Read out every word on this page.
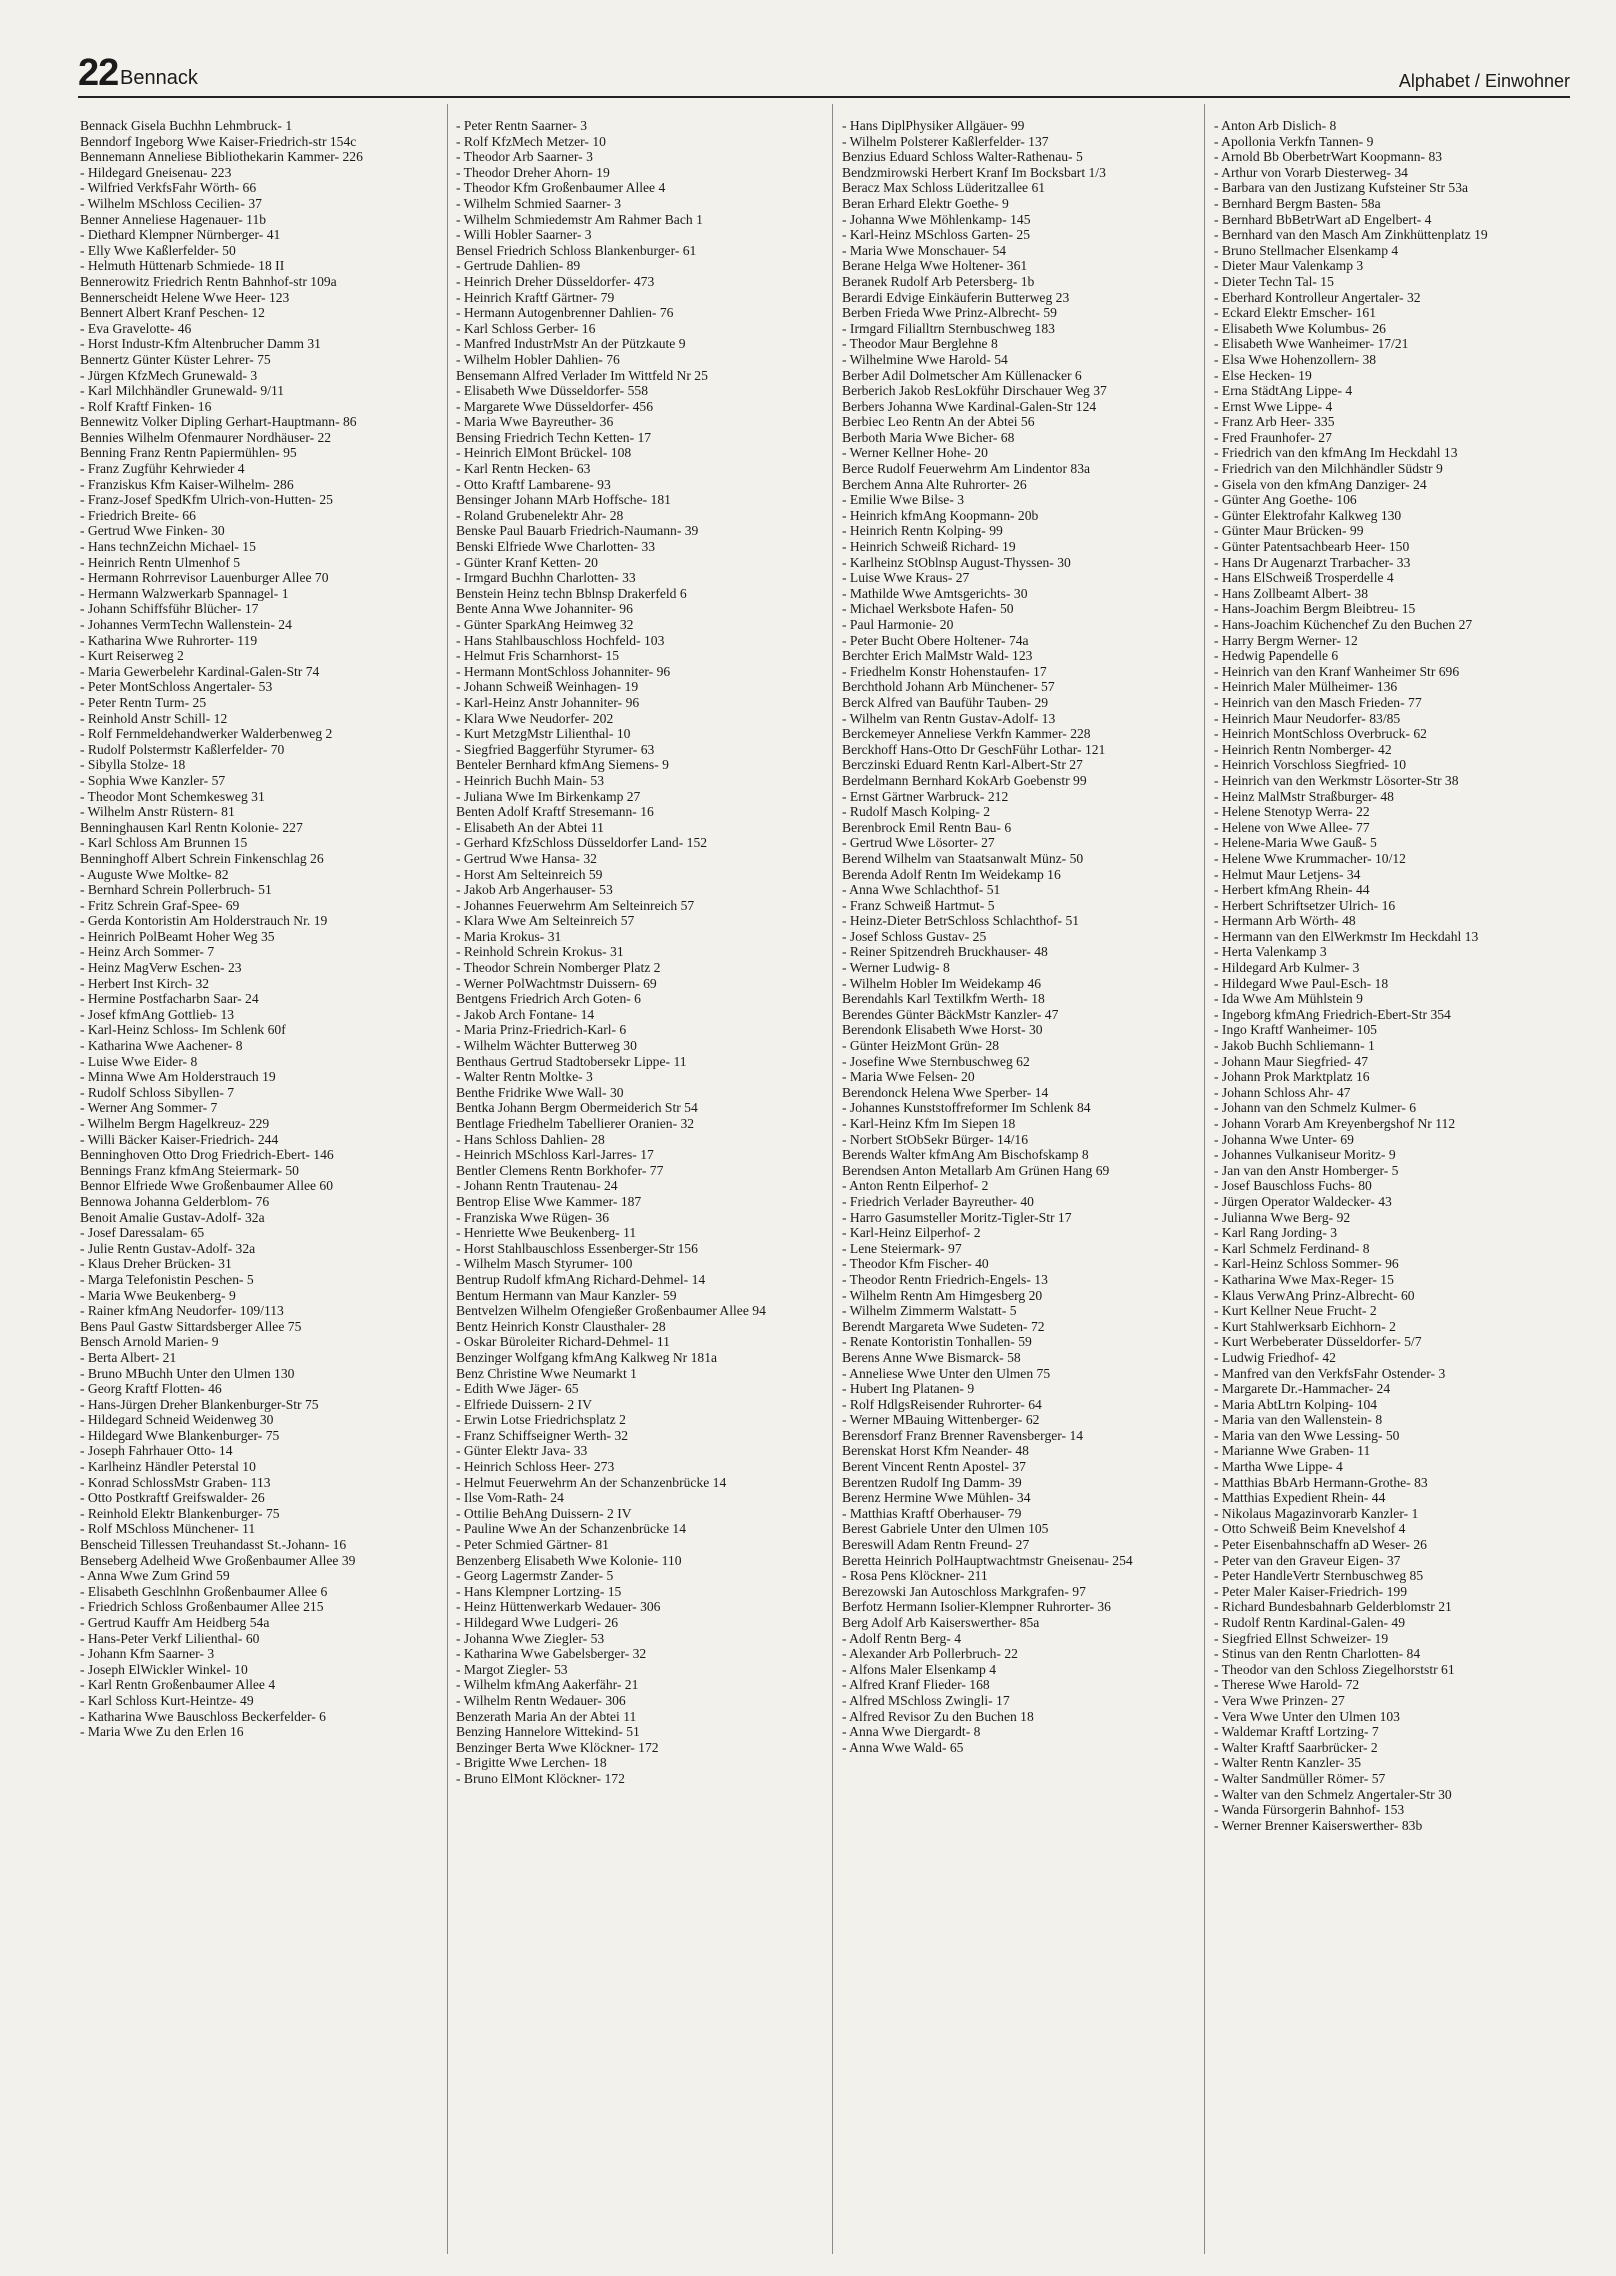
22 Bennack	Alphabet / Einwohner
Bennack Gisela Buchhn Lehmbruck- 1
Benndorf Ingeborg Wwe Kaiser-Friedrich-str 154c
Bennemann Anneliese Bibliothekarin Kammer- 226
- Hildegard Gneisenau- 223
- Wilfried VerkfsFahr Wörth- 66
- Wilhelm MSchloss Cecilien- 37
Benner Anneliese Hagenauer- 11b
- Diethard Klempner Nürnberger- 41
- Elly Wwe Kaßlerfelder- 50
- Helmuth Hüttenarb Schmiede- 18 II
Bennerowitz Friedrich Rentn Bahnhof-str 109a
Bennerscheidt Helene Wwe Heer- 123
Bennert Albert Kranf Peschen- 12
- Eva Gravelotte- 46
- Horst Industr-Kfm Altenbrucher Damm 31
Bennertz Günter Küster Lehrer- 75
- Jürgen KfzMech Grunewald- 3
- Karl Milchhändler Grunewald- 9/11
- Rolf Kraftf Finken- 16
Bennewitz Volker Dipling Gerhart-Hauptmann- 86
Bennies Wilhelm Ofenmaurer Nordhäuser- 22
Benning Franz Rentn Papiermühlen- 95
- Franz Zugführ Kehrwieder 4
- Franziskus Kfm Kaiser-Wilhelm- 286
- Franz-Josef SpedKfm Ulrich-von-Hutten- 25
- Friedrich Breite- 66
- Gertrud Wwe Finken- 30
- Hans technZeichn Michael- 15
- Heinrich Rentn Ulmenhof 5
- Hermann Rohrrevisor Lauenburger Allee 70
- Hermann Walzwerkarb Spannagel- 1
- Johann Schiffsführ Blücher- 17
- Johannes VermTechn Wallenstein- 24
- Katharina Wwe Ruhrorter- 119
- Kurt Reiserweg 2
- Maria Gewerbelehr Kardinal-Galen-Str 74
- Peter MontSchloss Angertaler- 53
- Peter Rentn Turm- 25
- Reinhold Anstr Schill- 12
- Rolf Fernmeldehandwerker Walderbenweg 2
- Rudolf Polstermstr Kaßlerfelder- 70
- Sibylla Stolze- 18
- Sophia Wwe Kanzler- 57
- Theodor Mont Schemkesweg 31
- Wilhelm Anstr Rüstern- 81
Benninghausen Karl Rentn Kolonie- 227
- Karl Schloss Am Brunnen 15
Benninghoff Albert Schrein Finkenschlag 26
- Auguste Wwe Moltke- 82
- Bernhard Schrein Pollerbruch- 51
- Fritz Schrein Graf-Spee- 69
- Gerda Kontoristin Am Holderstrauch Nr. 19
- Heinrich PolBeamt Hoher Weg 35
- Heinz Arch Sommer- 7
- Heinz MagVerw Eschen- 23
- Herbert Inst Kirch- 32
- Hermine Postfacharbn Saar- 24
- Josef kfmAng Gottlieb- 13
- Karl-Heinz Schloss- Im Schlenk 60f
- Katharina Wwe Aachener- 8
- Luise Wwe Eider- 8
- Minna Wwe Am Holderstrauch 19
- Rudolf Schloss Sibyllen- 7
- Werner Ang Sommer- 7
- Wilhelm Bergm Hagelkreuz- 229
- Willi Bäcker Kaiser-Friedrich- 244
Benninghoven Otto Drog Friedrich-Ebert- 146
Bennings Franz kfmAng Steiermark- 50
Bennor Elfriede Wwe Großenbaumer Allee 60
Bennowa Johanna Gelderblom- 76
Benoit Amalie Gustav-Adolf- 32a
- Josef Daressalam- 65
- Julie Rentn Gustav-Adolf- 32a
- Klaus Dreher Brücken- 31
- Marga Telefonistin Peschen- 5
- Maria Wwe Beukenberg- 9
- Rainer kfmAng Neudorfer- 109/113
Bens Paul Gastw Sittardsberger Allee 75
Bensch Arnold Marien- 9
- Berta Albert- 21
- Bruno MBuchh Unter den Ulmen 130
- Georg Kraftf Flotten- 46
- Hans-Jürgen Dreher Blankenburger-Str 75
- Hildegard Schneid Weidenweg 30
- Hildegard Wwe Blankenburger- 75
- Joseph Fahrhauer Otto- 14
- Karlheinz Händler Peterstal 10
- Konrad SchlossMstr Graben- 113
- Otto Postkraftf Greifswalder- 26
- Reinhold Elektr Blankenburger- 75
- Rolf MSchloss Münchener- 11
Benscheid Tillessen Treuhandasst St.-Johann- 16
Benseberg Adelheid Wwe Großenbaumer Allee 39
- Anna Wwe Zum Grind 59
- Elisabeth Geschlnhn Großenbaumer Allee 6
- Friedrich Schloss Großenbaumer Allee 215
- Gertrud Kauffr Am Heidberg 54a
- Hans-Peter Verkf Lilienthal- 60
- Johann Kfm Saarner- 3
- Joseph ElWickler Winkel- 10
- Karl Rentn Großenbaumer Allee 4
- Karl Schloss Kurt-Heintze- 49
- Katharina Wwe Bauschloss Beckerfelder- 6
- Maria Wwe Zu den Erlen 16
- Peter Rentn Saarner- 3
- Rolf KfzMech Metzer- 10
- Theodor Arb Saarner- 3
- Theodor Dreher Ahorn- 19
- Theodor Kfm Großenbaumer Allee 4
- Wilhelm Schmied Saarner- 3
- Wilhelm Schmiedemstr Am Rahmer Bach 1
- Willi Hobler Saarner- 3
Bensel Friedrich Schloss Blankenburger- 61
- Gertrude Dahlien- 89
- Heinrich Dreher Düsseldorfer- 473
- Heinrich Kraftf Gärtner- 79
- Hermann Autogenbrenner Dahlien- 76
- Karl Schloss Gerber- 16
- Manfred IndustrMstr An der Pützkaute 9
- Wilhelm Hobler Dahlien- 76
Bensemann Alfred Verlader Im Wittfeld Nr 25
- Elisabeth Wwe Düsseldorfer- 558
- Margarete Wwe Düsseldorfer- 456
- Maria Wwe Bayreuther- 36
Bensing Friedrich Techn Ketten- 17
- Heinrich ElMont Brückel- 108
- Karl Rentn Hecken- 63
- Otto Kraftf Lambarene- 93
Bensinger Johann MArb Hoffsche- 181
- Roland Grubenelektr Ahr- 28
Benske Paul Bauarb Friedrich-Naumann- 39
Benski Elfriede Wwe Charlotten- 33
- Günter Kranf Ketten- 20
- Irmgard Buchhn Charlotten- 33
Benstein Heinz techn Bblnsp Drakerfeld 6
Bente Anna Wwe Johanniter- 96
- Günter SparkAng Heimweg 32
- Hans Stahlbauschloss Hochfeld- 103
- Helmut Fris Scharnhorst- 15
- Hermann MontSchloss Johanniter- 96
- Johann Schweiß Weinhagen- 19
- Karl-Heinz Anstr Johanniter- 96
- Klara Wwe Neudorfer- 202
- Kurt MetzgMstr Lilienthal- 10
- Siegfried Baggerführ Styrumer- 63
Benteler Bernhard kfmAng Siemens- 9
- Heinrich Buchh Main- 53
- Juliana Wwe Im Birkenkamp 27
Benten Adolf Kraftf Stresemann- 16
- Elisabeth An der Abtei 11
- Gerhard KfzSchloss Düsseldorfer Land- 152
- Gertrud Wwe Hansa- 32
- Horst Am Selteinreich 59
- Jakob Arb Angerhauser- 53
- Johannes Feuerwehrm Am Selteinreich 57
- Klara Wwe Am Selteinreich 57
- Maria Krokus- 31
- Reinhold Schrein Krokus- 31
- Theodor Schrein Nomberger Platz 2
- Werner PolWachtmstr Duissern- 69
Bentgens Friedrich Arch Goten- 6
- Jakob Arch Fontane- 14
- Maria Prinz-Friedrich-Karl- 6
- Wilhelm Wächter Butterweg 30
Benthaus Gertrud Stadtobersekr Lippe- 11
- Walter Rentn Moltke- 3
Benthe Fridrike Wwe Wall- 30
Bentka Johann Bergm Obermeiderich Str 54
Bentlage Friedhelm Tabellierer Oranien- 32
- Hans Schloss Dahlien- 28
- Heinrich MSchloss Karl-Jarres- 17
Bentler Clemens Rentn Borkhofer- 77
- Johann Rentn Trautenau- 24
Bentrop Elise Wwe Kammer- 187
- Franziska Wwe Rügen- 36
- Henriette Wwe Beukenberg- 11
- Horst Stahlbauschloss Essenberger-Str 156
- Wilhelm Masch Styrumer- 100
Bentrup Rudolf kfmAng Richard-Dehmel- 14
Bentum Hermann van Maur Kanzler- 59
Bentvelzen Wilhelm Ofengießer Großenbaumer Allee 94
Bentz Heinrich Konstr Clausthaler- 28
- Oskar Büroleiter Richard-Dehmel- 11
Benzinger Wolfgang kfmAng Kalkweg Nr 181a
Benz Christine Wwe Neumarkt 1
- Edith Wwe Jäger- 65
- Elfriede Duissern- 2 IV
- Erwin Lotse Friedrichsplatz 2
- Franz Schiffseigner Werth- 32
- Günter Elektr Java- 33
- Heinrich Schloss Heer- 273
- Helmut Feuerwehrm An der Schanzenbrücke 14
- Ilse Vom-Rath- 24
- Ottilie BehAng Duissern- 2 IV
- Pauline Wwe An der Schanzenbrücke 14
- Peter Schmied Gärtner- 81
Benzenberg Elisabeth Wwe Kolonie- 110
- Georg Lagermstr Zander- 5
- Hans Klempner Lortzing- 15
- Heinz Hüttenwerkarb Wedauer- 306
- Hildegard Wwe Ludgeri- 26
- Johanna Wwe Ziegler- 53
- Katharina Wwe Gabelsberger- 32
- Margot Ziegler- 53
- Wilhelm kfmAng Aakerfähr- 21
- Wilhelm Rentn Wedauer- 306
Benzerath Maria An der Abtei 11
Benzing Hannelore Wittekind- 51
Benzinger Berta Wwe Klöckner- 172
- Brigitte Wwe Lerchen- 18
- Bruno ElMont Klöckner- 172
- Hans DiplPhysiker Allgäuer- 99
- Wilhelm Polsterer Kaßlerfelder- 137
Benzius Eduard Schloss Walter-Rathenau- 5
Bendzmirowski Herbert Kranf Im Bocksbart 1/3
Beracz Max Schloss Lüderitzallee 61
Beran Erhard Elektr Goethe- 9
- Johanna Wwe Möhlenkamp- 145
- Karl-Heinz MSchloss Garten- 25
- Maria Wwe Monschauer- 54
Berane Helga Wwe Holtener- 361
Beranek Rudolf Arb Petersberg- 1b
Berardi Edvige Einkäuferin Butterweg 23
Berben Frieda Wwe Prinz-Albrecht- 59
- Irmgard Filialltrn Sternbuschweg 183
- Theodor Maur Berglehne 8
- Wilhelmine Wwe Harold- 54
Berber Adil Dolmetscher Am Küllenacker 6
Berberich Jakob ResLokführ Dirschauer Weg 37
Berbers Johanna Wwe Kardinal-Galen-Str 124
Berbiec Leo Rentn An der Abtei 56
Berboth Maria Wwe Bicher- 68
- Werner Kellner Hohe- 20
Berce Rudolf Feuerwehrm Am Lindentor 83a
Berchem Anna Alte Ruhrorter- 26
- Emilie Wwe Bilse- 3
- Heinrich kfmAng Koopmann- 20b
- Heinrich Rentn Kolping- 99
- Heinrich Schweiß Richard- 19
- Karlheinz StOblnsp August-Thyssen- 30
- Luise Wwe Kraus- 27
- Mathilde Wwe Amtsgerichts- 30
- Michael Werksbote Hafen- 50
- Paul Harmonie- 20
- Peter Bucht Obere Holtener- 74a
Berchter Erich MalMstr Wald- 123
- Friedhelm Konstr Hohenstaufen- 17
Berchthold Johann Arb Münchener- 57
Berck Alfred van Bauführ Tauben- 29
- Wilhelm van Rentn Gustav-Adolf- 13
Berckemeyer Anneliese Verkfn Kammer- 228
Berckhoff Hans-Otto Dr GeschFühr Lothar- 121
Berczinski Eduard Rentn Karl-Albert-Str 27
Berdelmann Bernhard KokArb Goebenstr 99
- Ernst Gärtner Warbruck- 212
- Rudolf Masch Kolping- 2
Berenbrock Emil Rentn Bau- 6
- Gertrud Wwe Lösorter- 27
Berend Wilhelm van Staatsanwalt Münz- 50
Berenda Adolf Rentn Im Weidekamp 16
- Anna Wwe Schlachthof- 51
- Franz Schweiß Hartmut- 5
- Heinz-Dieter BetrSchloss Schlachthof- 51
- Josef Schloss Gustav- 25
- Reiner Spitzendreh Bruckhauser- 48
- Werner Ludwig- 8
- Wilhelm Hobler Im Weidekamp 46
Berendahls Karl Textilkfm Werth- 18
Berendes Günter BäckMstr Kanzler- 47
Berendonk Elisabeth Wwe Horst- 30
- Günter HeizMont Grün- 28
- Josefine Wwe Sternbuschweg 62
- Maria Wwe Felsen- 20
Berendonck Helena Wwe Sperber- 14
- Johannes Kunststoffreformer Im Schlenk 84
- Karl-Heinz Kfm Im Siepen 18
- Norbert StObSekr Bürger- 14/16
Berends Walter kfmAng Am Bischofskamp 8
Berendsen Anton Metallarb Am Grünen Hang 69
- Anton Rentn Eilperhof- 2
- Friedrich Verlader Bayreuther- 40
- Harro Gasumsteller Moritz-Tigler-Str 17
- Karl-Heinz Eilperhof- 2
- Lene Steiermark- 97
- Theodor Kfm Fischer- 40
- Theodor Rentn Friedrich-Engels- 13
- Wilhelm Rentn Am Himgesberg 20
- Wilhelm Zimmerm Walstatt- 5
Berendt Margareta Wwe Sudeten- 72
- Renate Kontoristin Tonhallen- 59
Berens Anne Wwe Bismarck- 58
- Anneliese Wwe Unter den Ulmen 75
- Hubert Ing Platanen- 9
- Rolf HdlgsReisender Ruhrorter- 64
- Werner MBauing Wittenberger- 62
Berensdorf Franz Brenner Ravensberger- 14
Berenskat Horst Kfm Neander- 48
Berent Vincent Rentn Apostel- 37
Berentzen Rudolf Ing Damm- 39
Berenz Hermine Wwe Mühlen- 34
- Matthias Kraftf Oberhauser- 79
Berest Gabriele Unter den Ulmen 105
Bereswill Adam Rentn Freund- 27
Beretta Heinrich PolHauptwachtmstr Gneisenau- 254
- Rosa Pens Klöckner- 211
Berezowski Jan Autoschloss Markgrafen- 97
Berfotz Hermann Isolier-Klempner Ruhrorter- 36
Berg Adolf Arb Kaiserswerther- 85a
- Adolf Rentn Berg- 4
- Alexander Arb Pollerbruch- 22
- Alfons Maler Elsenkamp 4
- Alfred Kranf Flieder- 168
- Alfred MSchloss Zwingli- 17
- Alfred Revisor Zu den Buchen 18
- Anna Wwe Diergardt- 8
- Anna Wwe Wald- 65
- Anton Arb Dislich- 8
- Apollonia Verkfn Tannen- 9
- Arnold Bb OberbetrWart Koopmann- 83
- Arthur von Vorarb Diesterweg- 34
- Barbara van den Justizang Kufsteiner Str 53a
- Bernhard Bergm Basten- 58a
- Bernhard BbBetrWart aD Engelbert- 4
- Bernhard van den Masch Am Zinkhüttenplatz 19
- Bruno Stellmacher Elsenkamp 4
- Dieter Maur Valenkamp 3
- Dieter Techn Tal- 15
- Eberhard Kontrolleur Angertaler- 32
- Eckard Elektr Emscher- 161
- Elisabeth Wwe Kolumbus- 26
- Elisabeth Wwe Wanheimer- 17/21
- Elsa Wwe Hohenzollern- 38
- Else Hecken- 19
- Erna StädtAng Lippe- 4
- Ernst Wwe Lippe- 4
- Franz Arb Heer- 335
- Fred Fraunhofer- 27
- Friedrich van den kfmAng Im Heckdahl 13
- Friedrich van den Milchhändler Südstr 9
- Gisela von den kfmAng Danziger- 24
- Günter Ang Goethe- 106
- Günter Elektrofahr Kalkweg 130
- Günter Maur Brücken- 99
- Günter Patentsachbearb Heer- 150
- Hans Dr Augenarzt Trarbacher- 33
- Hans ElSchweiß Trosperdelle 4
- Hans Zollbeamt Albert- 38
- Hans-Joachim Bergm Bleibtreu- 15
- Hans-Joachim Küchenchef Zu den Buchen 27
- Harry Bergm Werner- 12
- Hedwig Papendelle 6
- Heinrich van den Kranf Wanheimer Str 696
- Heinrich Maler Mülheimer- 136
- Heinrich van den Masch Frieden- 77
- Heinrich Maur Neudorfer- 83/85
- Heinrich MontSchloss Overbruck- 62
- Heinrich Rentn Nomberger- 42
- Heinrich Vorschloss Siegfried- 10
- Heinrich van den Werkmstr Lösorter-Str 38
- Heinz MalMstr Straßburger- 48
- Helene Stenotyp Werra- 22
- Helene von Wwe Allee- 77
- Helene-Maria Wwe Gauß- 5
- Helene Wwe Krummacher- 10/12
- Helmut Maur Letjens- 34
- Herbert kfmAng Rhein- 44
- Herbert Schriftsetzer Ulrich- 16
- Hermann Arb Wörth- 48
- Hermann van den ElWerkmstr Im Heckdahl 13
- Herta Valenkamp 3
- Hildegard Arb Kulmer- 3
- Hildegard Wwe Paul-Esch- 18
- Ida Wwe Am Mühlstein 9
- Ingeborg kfmAng Friedrich-Ebert-Str 354
- Ingo Kraftf Wanheimer- 105
- Jakob Buchh Schliemann- 1
- Johann Maur Siegfried- 47
- Johann Prok Marktplatz 16
- Johann Schloss Ahr- 47
- Johann van den Schmelz Kulmer- 6
- Johann Vorarb Am Kreyenbergshof Nr 112
- Johanna Wwe Unter- 69
- Johannes Vulkaniseur Moritz- 9
- Jan van den Anstr Homberger- 5
- Josef Bauschloss Fuchs- 80
- Jürgen Operator Waldecker- 43
- Julianna Wwe Berg- 92
- Karl Rang Jording- 3
- Karl Schmelz Ferdinand- 8
- Karl-Heinz Schloss Sommer- 96
- Katharina Wwe Max-Reger- 15
- Klaus VerwAng Prinz-Albrecht- 60
- Kurt Kellner Neue Frucht- 2
- Kurt Stahlwerksarb Eichhorn- 2
- Kurt Werbeberater Düsseldorfer- 5/7
- Ludwig Friedhof- 42
- Manfred van den VerkfsFahr Ostender- 3
- Margarete Dr.-Hammacher- 24
- Maria AbtLtrn Kolping- 104
- Maria van den Wallenstein- 8
- Maria van den Wwe Lessing- 50
- Marianne Wwe Graben- 11
- Martha Wwe Lippe- 4
- Matthias BbArb Hermann-Grothe- 83
- Matthias Expedient Rhein- 44
- Nikolaus Magazinvorarb Kanzler- 1
- Otto Schweiß Beim Knevelshof 4
- Peter Eisenbahnschaffn aD Weser- 26
- Peter van den Graveur Eigen- 37
- Peter HandleVertr Sternbuschweg 85
- Peter Maler Kaiser-Friedrich- 199
- Richard Bundesbahnarb Gelderblomstr 21
- Rudolf Rentn Kardinal-Galen- 49
- Siegfried Ellnst Schweizer- 19
- Stinus van den Rentn Charlotten- 84
- Theodor van den Schloss Ziegelhorststr 61
- Therese Wwe Harold- 72
- Vera Wwe Prinzen- 27
- Vera Wwe Unter den Ulmen 103
- Waldemar Kraftf Lortzing- 7
- Walter Kraftf Saarbrücker- 2
- Walter Rentn Kanzler- 35
- Walter Sandmüller Römer- 57
- Walter van den Schmelz Angertaler-Str 30
- Wanda Fürsorgerin Bahnhof- 153
- Werner Brenner Kaiserswerther- 83b
